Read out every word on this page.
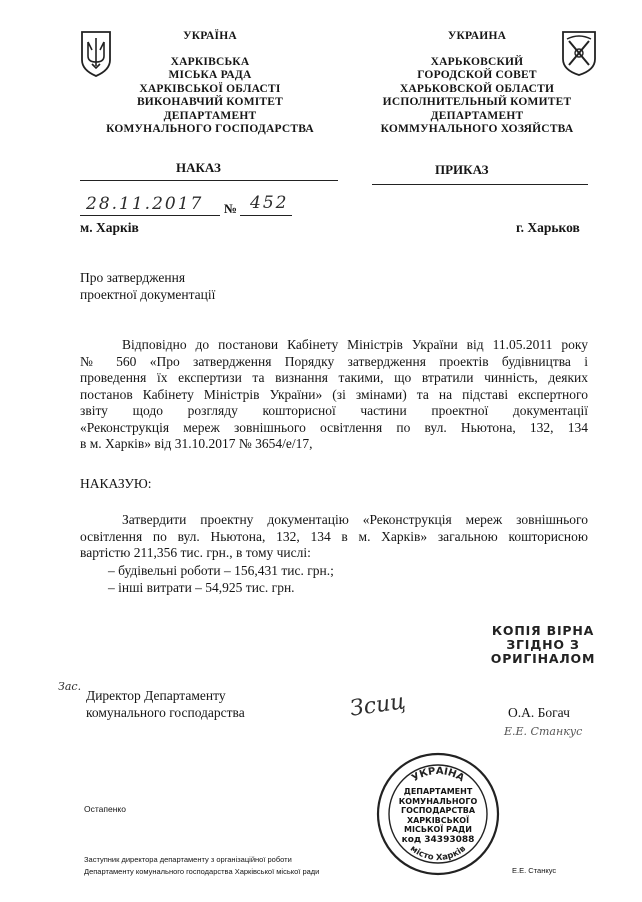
УКРАЇНА
ХАРКІВСЬКА
МІСЬКА РАДА
ХАРКІВСЬКОЇ ОБЛАСТІ
ВИКОНАВЧИЙ КОМІТЕТ
ДЕПАРТАМЕНТ
КОМУНАЛЬНОГО ГОСПОДАРСТВА
НАКАЗ
УКРАИНА
ХАРЬКОВСКИЙ
ГОРОДСКОЙ СОВЕТ
ХАРЬКОВСКОЙ ОБЛАСТИ
ИСПОЛНИТЕЛЬНЫЙ КОМИТЕТ
ДЕПАРТАМЕНТ
КОММУНАЛЬНОГО ХОЗЯЙСТВА
ПРИКАЗ
28.11.2017 № 452
м. Харків	г. Харьков
Про затвердження
проектної документації
Відповідно до постанови Кабінету Міністрів України від 11.05.2011 року
№ 560 «Про затвердження Порядку затвердження проектів будівництва і
проведення їх експертизи та визнання такими, що втратили чинність, деяких
постанов Кабінету Міністрів України» (зі змінами) та на підставі експертного
звіту щодо розгляду кошторисної частини проектної документації
«Реконструкція мереж зовнішнього освітлення по вул. Ньютона, 132, 134
в м. Харків» від 31.10.2017 № 3654/е/17,
НАКАЗУЮ:
Затвердити проектну документацію «Реконструкція мереж зовнішнього
освітлення по вул. Ньютона, 132, 134 в м. Харків» загальною кошторисною
вартістю 211,356 тис. грн., в тому числі:
– будівельні роботи – 156,431 тис. грн.;
– інші витрати – 54,925 тис. грн.
КОПІЯ ВІРНА
ЗГІДНО З
ОРИГІНАЛОМ
Зас.
Директор Департаменту
комунального господарства	Зсиц	О.А. Богач
Е.Е. Станкус
УКРАЇНА
місто Харків
ДЕПАРТАМЕНТ
КОМУНАЛЬНОГО
ГОСПОДАРСТВА
ХАРКІВСЬКОЇ
МІСЬКОЇ РАДИ
код 34393088
Остапенко
Заступник директора департаменту з організаційної роботи
Департаменту комунального господарства Харківської міської ради	Е.Е. Станкус
